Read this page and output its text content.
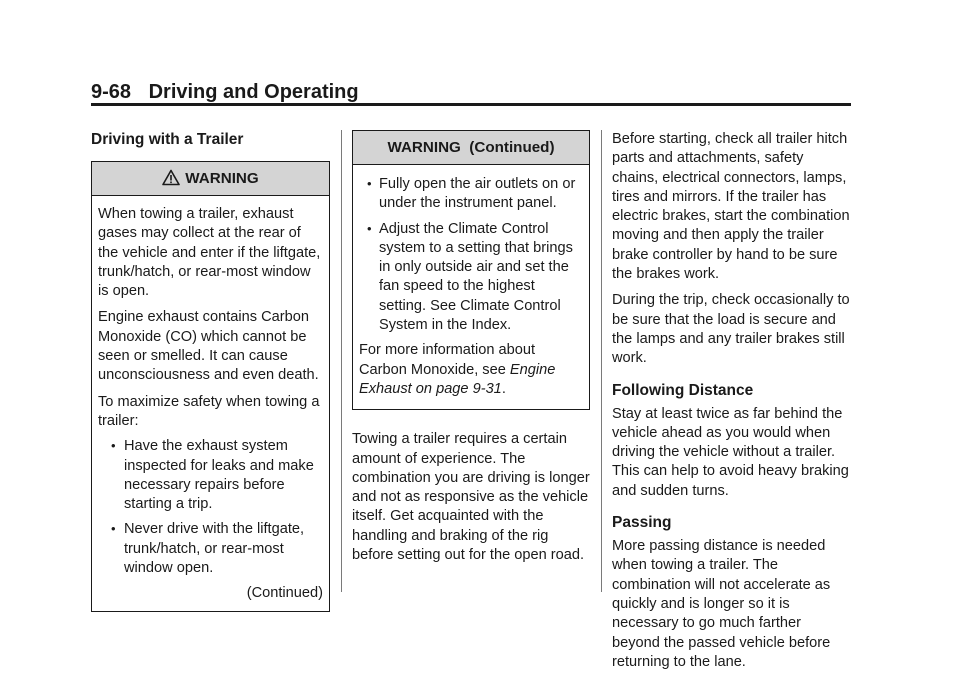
9-68 Driving and Operating
Driving with a Trailer
WARNING

When towing a trailer, exhaust gases may collect at the rear of the vehicle and enter if the liftgate, trunk/hatch, or rear-most window is open.

Engine exhaust contains Carbon Monoxide (CO) which cannot be seen or smelled. It can cause unconsciousness and even death.

To maximize safety when towing a trailer:

• Have the exhaust system inspected for leaks and make necessary repairs before starting a trip.
• Never drive with the liftgate, trunk/hatch, or rear-most window open.

(Continued)

WARNING  (Continued)
• Fully open the air outlets on or under the instrument panel.
• Adjust the Climate Control system to a setting that brings in only outside air and set the fan speed to the highest setting. See Climate Control System in the Index.

For more information about Carbon Monoxide, see Engine Exhaust on page 9-31.

Towing a trailer requires a certain amount of experience. The combination you are driving is longer and not as responsive as the vehicle itself. Get acquainted with the handling and braking of the rig before setting out for the open road.

Before starting, check all trailer hitch parts and attachments, safety chains, electrical connectors, lamps, tires and mirrors. If the trailer has electric brakes, start the combination moving and then apply the trailer brake controller by hand to be sure the brakes work.

During the trip, check occasionally to be sure that the load is secure and the lamps and any trailer brakes still work.

Following Distance

Stay at least twice as far behind the vehicle ahead as you would when driving the vehicle without a trailer. This can help to avoid heavy braking and sudden turns.

Passing

More passing distance is needed when towing a trailer. The combination will not accelerate as quickly and is longer so it is necessary to go much farther beyond the passed vehicle before returning to the lane.
